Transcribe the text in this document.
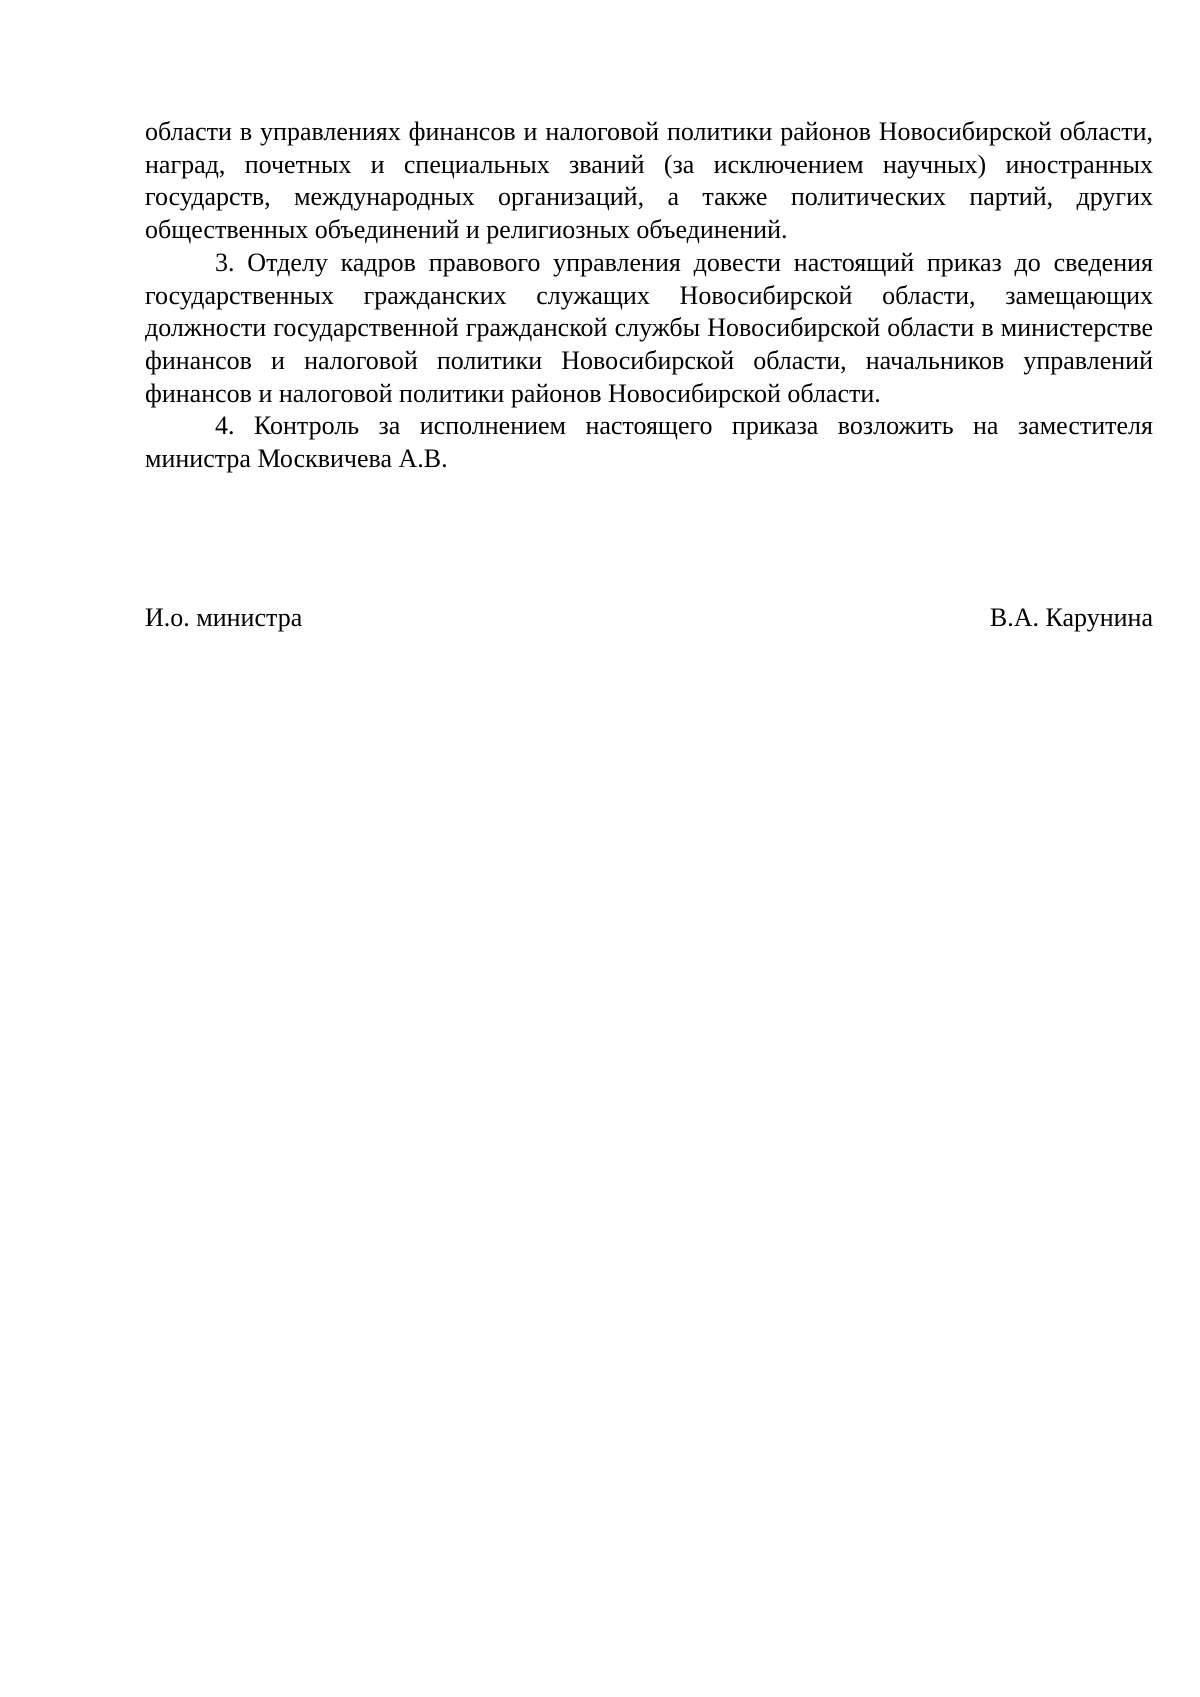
области в управлениях финансов и налоговой политики районов Новосибирской области, наград, почетных и специальных званий (за исключением научных) иностранных государств, международных организаций, а также политических партий, других общественных объединений и религиозных объединений.

3. Отделу кадров правового управления довести настоящий приказ до сведения государственных гражданских служащих Новосибирской области, замещающих должности государственной гражданской службы Новосибирской области в министерстве финансов и налоговой политики Новосибирской области, начальников управлений финансов и налоговой политики районов Новосибирской области.

4. Контроль за исполнением настоящего приказа возложить на заместителя министра Москвичева А.В.

И.о. министра	В.А. Карунина
